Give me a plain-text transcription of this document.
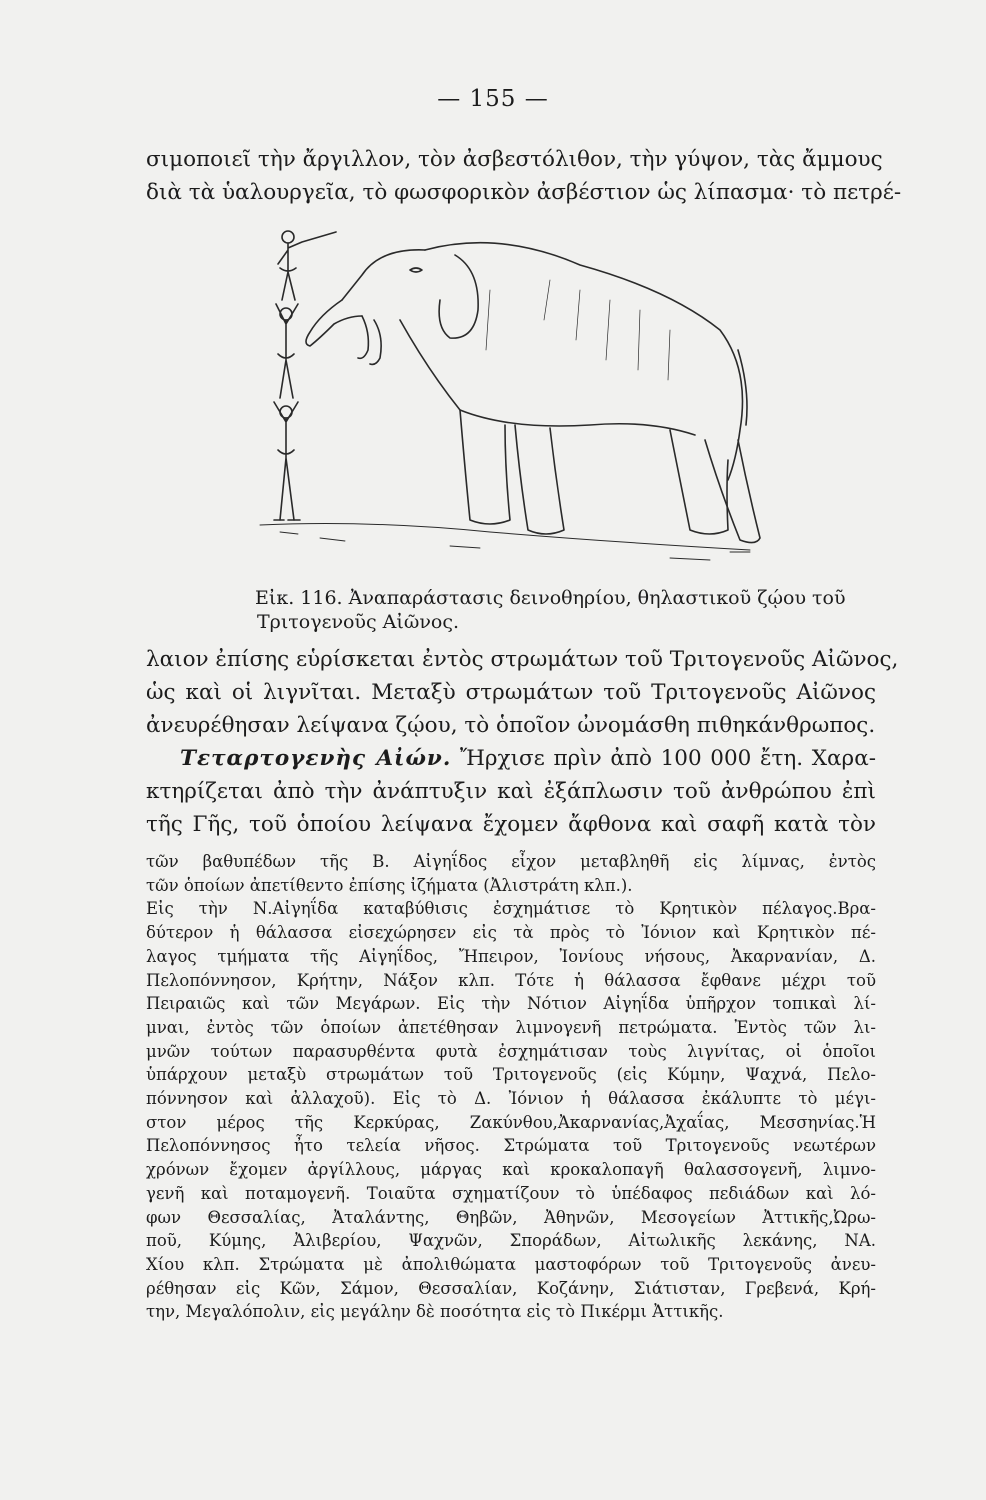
— 155 —
σιμοποιεῖ τὴν ἄργιλλον, τὸν ἀσβεστόλιθον, τὴν γύψον, τὰς ἄμμους
διὰ τὰ ὑαλουργεῖα, τὸ φωσφορικὸν ἀσβέστιον ὡς λίπασμα· τὸ πετρέ-
Εἰκ. 116. Ἀναπαράστασις δεινοθηρίου, θηλαστικοῦ ζῴου τοῦ
Τριτογενοῦς Αἰῶνος.
λαιον ἐπίσης εὑρίσκεται ἐντὸς στρωμάτων τοῦ Τριτογενοῦς Αἰῶνος,
ὡς καὶ οἱ λιγνῖται. Μεταξὺ στρωμάτων τοῦ Τριτογενοῦς Αἰῶνος
ἀνευρέθησαν λείψανα ζῴου, τὸ ὁποῖον ὠνομάσθη πιθηκάνθρωπος.
Τεταρτογενὴς Αἰών. Ἤρχισε πρὶν ἀπὸ 100 000 ἔτη. Χαρα-
κτηρίζεται ἀπὸ τὴν ἀνάπτυξιν καὶ ἐξάπλωσιν τοῦ ἀνθρώπου ἐπὶ
τῆς Γῆς, τοῦ ὁποίου λείψανα ἔχομεν ἄφθονα καὶ σαφῆ κατὰ τὸν
τῶν βαθυπέδων τῆς Β. Αἰγηΐδος εἶχον μεταβληθῆ εἰς λίμνας, ἐντὸς
τῶν ὁποίων ἀπετίθεντο ἐπίσης ἰζήματα (Ἀλιστράτη κλπ.).
Εἰς τὴν Ν.Αἰγηΐδα καταβύθισις ἐσχημάτισε τὸ Κρητικὸν πέλαγος.Βρα-
δύτερον ἡ θάλασσα εἰσεχώρησεν εἰς τὰ πρὸς τὸ Ἰόνιον καὶ Κρητικὸν πέ-
λαγος τμήματα τῆς Αἰγηΐδος, Ἤπειρον, Ἰονίους νήσους, Ἀκαρνανίαν, Δ.
Πελοπόννησον, Κρήτην, Νάξον κλπ. Τότε ἡ θάλασσα ἔφθανε μέχρι τοῦ
Πειραιῶς καὶ τῶν Μεγάρων. Εἰς τὴν Νότιον Αἰγηΐδα ὑπῆρχον τοπικαὶ λί-
μναι, ἐντὸς τῶν ὁποίων ἀπετέθησαν λιμνογενῆ πετρώματα. Ἐντὸς τῶν λι-
μνῶν τούτων παρασυρθέντα φυτὰ ἐσχημάτισαν τοὺς λιγνίτας, οἱ ὁποῖοι
ὑπάρχουν μεταξὺ στρωμάτων τοῦ Τριτογενοῦς (εἰς Κύμην, Ψαχνά, Πελο-
πόννησον καὶ ἀλλαχοῦ). Εἰς τὸ Δ. Ἰόνιον ἡ θάλασσα ἐκάλυπτε τὸ μέγι-
στον μέρος τῆς Κερκύρας, Ζακύνθου,Ἀκαρνανίας,Ἀχαΐας, Μεσσηνίας.Ἡ
Πελοπόννησος ἦτο τελεία νῆσος. Στρώματα τοῦ Τριτογενοῦς νεωτέρων
χρόνων ἔχομεν ἀργίλλους, μάργας καὶ κροκαλοπαγῆ θαλασσογενῆ, λιμνο-
γενῆ καὶ ποταμογενῆ. Τοιαῦτα σχηματίζουν τὸ ὑπέδαφος πεδιάδων καὶ λό-
φων Θεσσαλίας, Ἀταλάντης, Θηβῶν, Ἀθηνῶν, Μεσογείων Ἀττικῆς,Ὠρω-
ποῦ, Κύμης, Ἀλιβερίου, Ψαχνῶν, Σποράδων, Αἰτωλικῆς λεκάνης, ΝΑ.
Χίου κλπ. Στρώματα μὲ ἀπολιθώματα μαστοφόρων τοῦ Τριτογενοῦς ἀνευ-
ρέθησαν εἰς Κῶν, Σάμον, Θεσσαλίαν, Κοζάνην, Σιάτισταν, Γρεβενά, Κρή-
την, Μεγαλόπολιν, εἰς μεγάλην δὲ ποσότητα εἰς τὸ Πικέρμι Ἀττικῆς.
